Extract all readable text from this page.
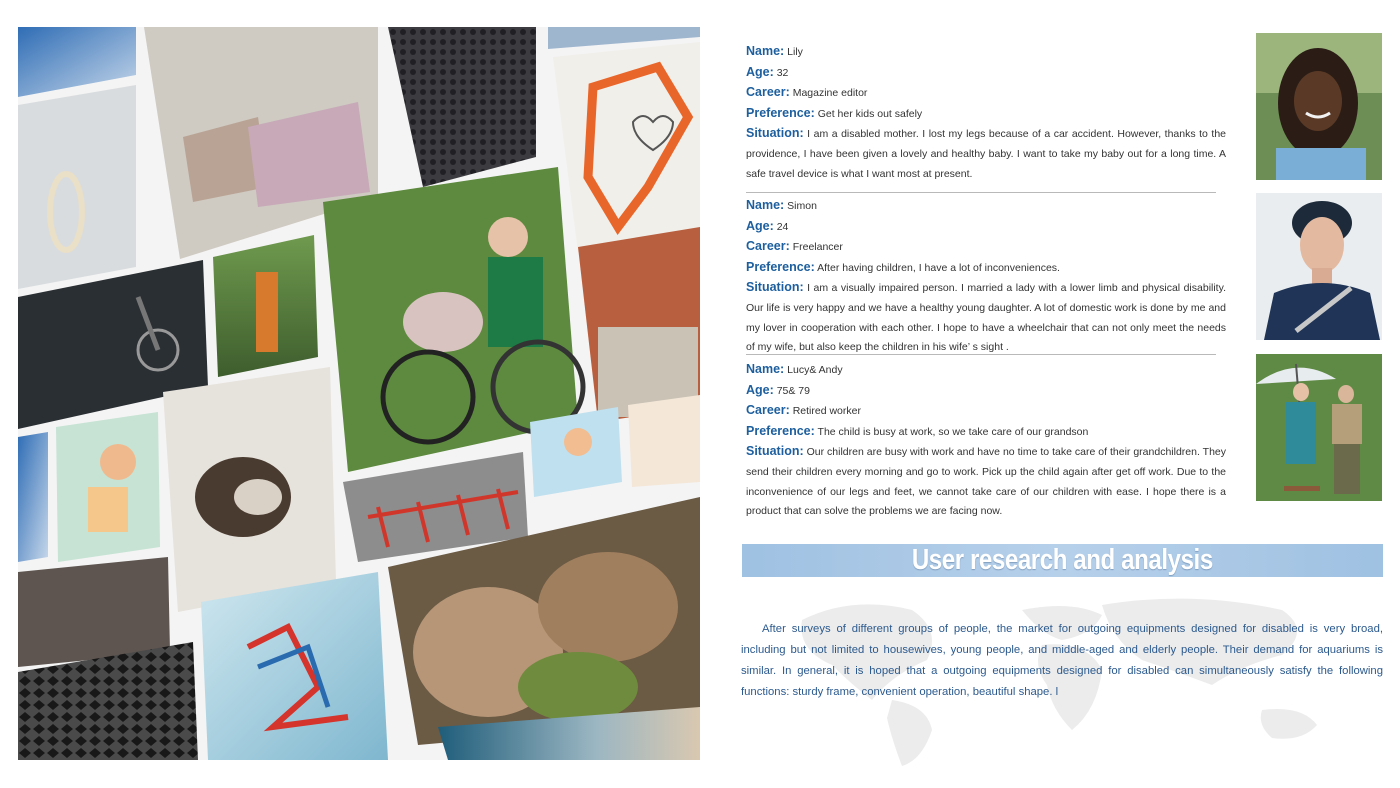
Name: Lily
Age: 32
Career: Magazine editor
Preference: Get her kids out safely
Situation: I am a disabled mother. I lost my legs because of a car accident. However, thanks to the providence, I have been given a lovely and healthy baby. I want to take my baby out for a long time. A safe travel device is what I want most at present.
Name: Simon
Age: 24
Career: Freelancer
Preference: After having children, I have a lot of inconveniences.
Situation: I am a visually impaired person. I married a lady with a lower limb and physical disability. Our life is very happy and we have a healthy young daughter. A lot of domestic work is done by me and my lover in cooperation with each other. I hope to have a wheelchair that can not only meet the needs of my wife, but also keep the children in his wife’ s sight .
Name: Lucy& Andy
Age: 75& 79
Career: Retired worker
Preference: The child is busy at work, so we take care of our grandson
Situation: Our children are busy with work and have no time to take care of their grandchildren. They send their children every morning and go to work. Pick up the child again after get off work. Due to the inconvenience of our legs and feet, we cannot take care of our children with ease. I hope there is a product that can solve the problems we are facing now.
User research and analysis
After surveys of different groups of people, the market for outgoing equipments designed for disabled is very broad, including but not limited to housewives, young people, and middle-aged and elderly people. Their demand for aquariums is similar. In general, it is hoped that a outgoing equipments designed for disabled can simultaneously satisfy the following functions: sturdy frame, convenient operation, beautiful shape. l
